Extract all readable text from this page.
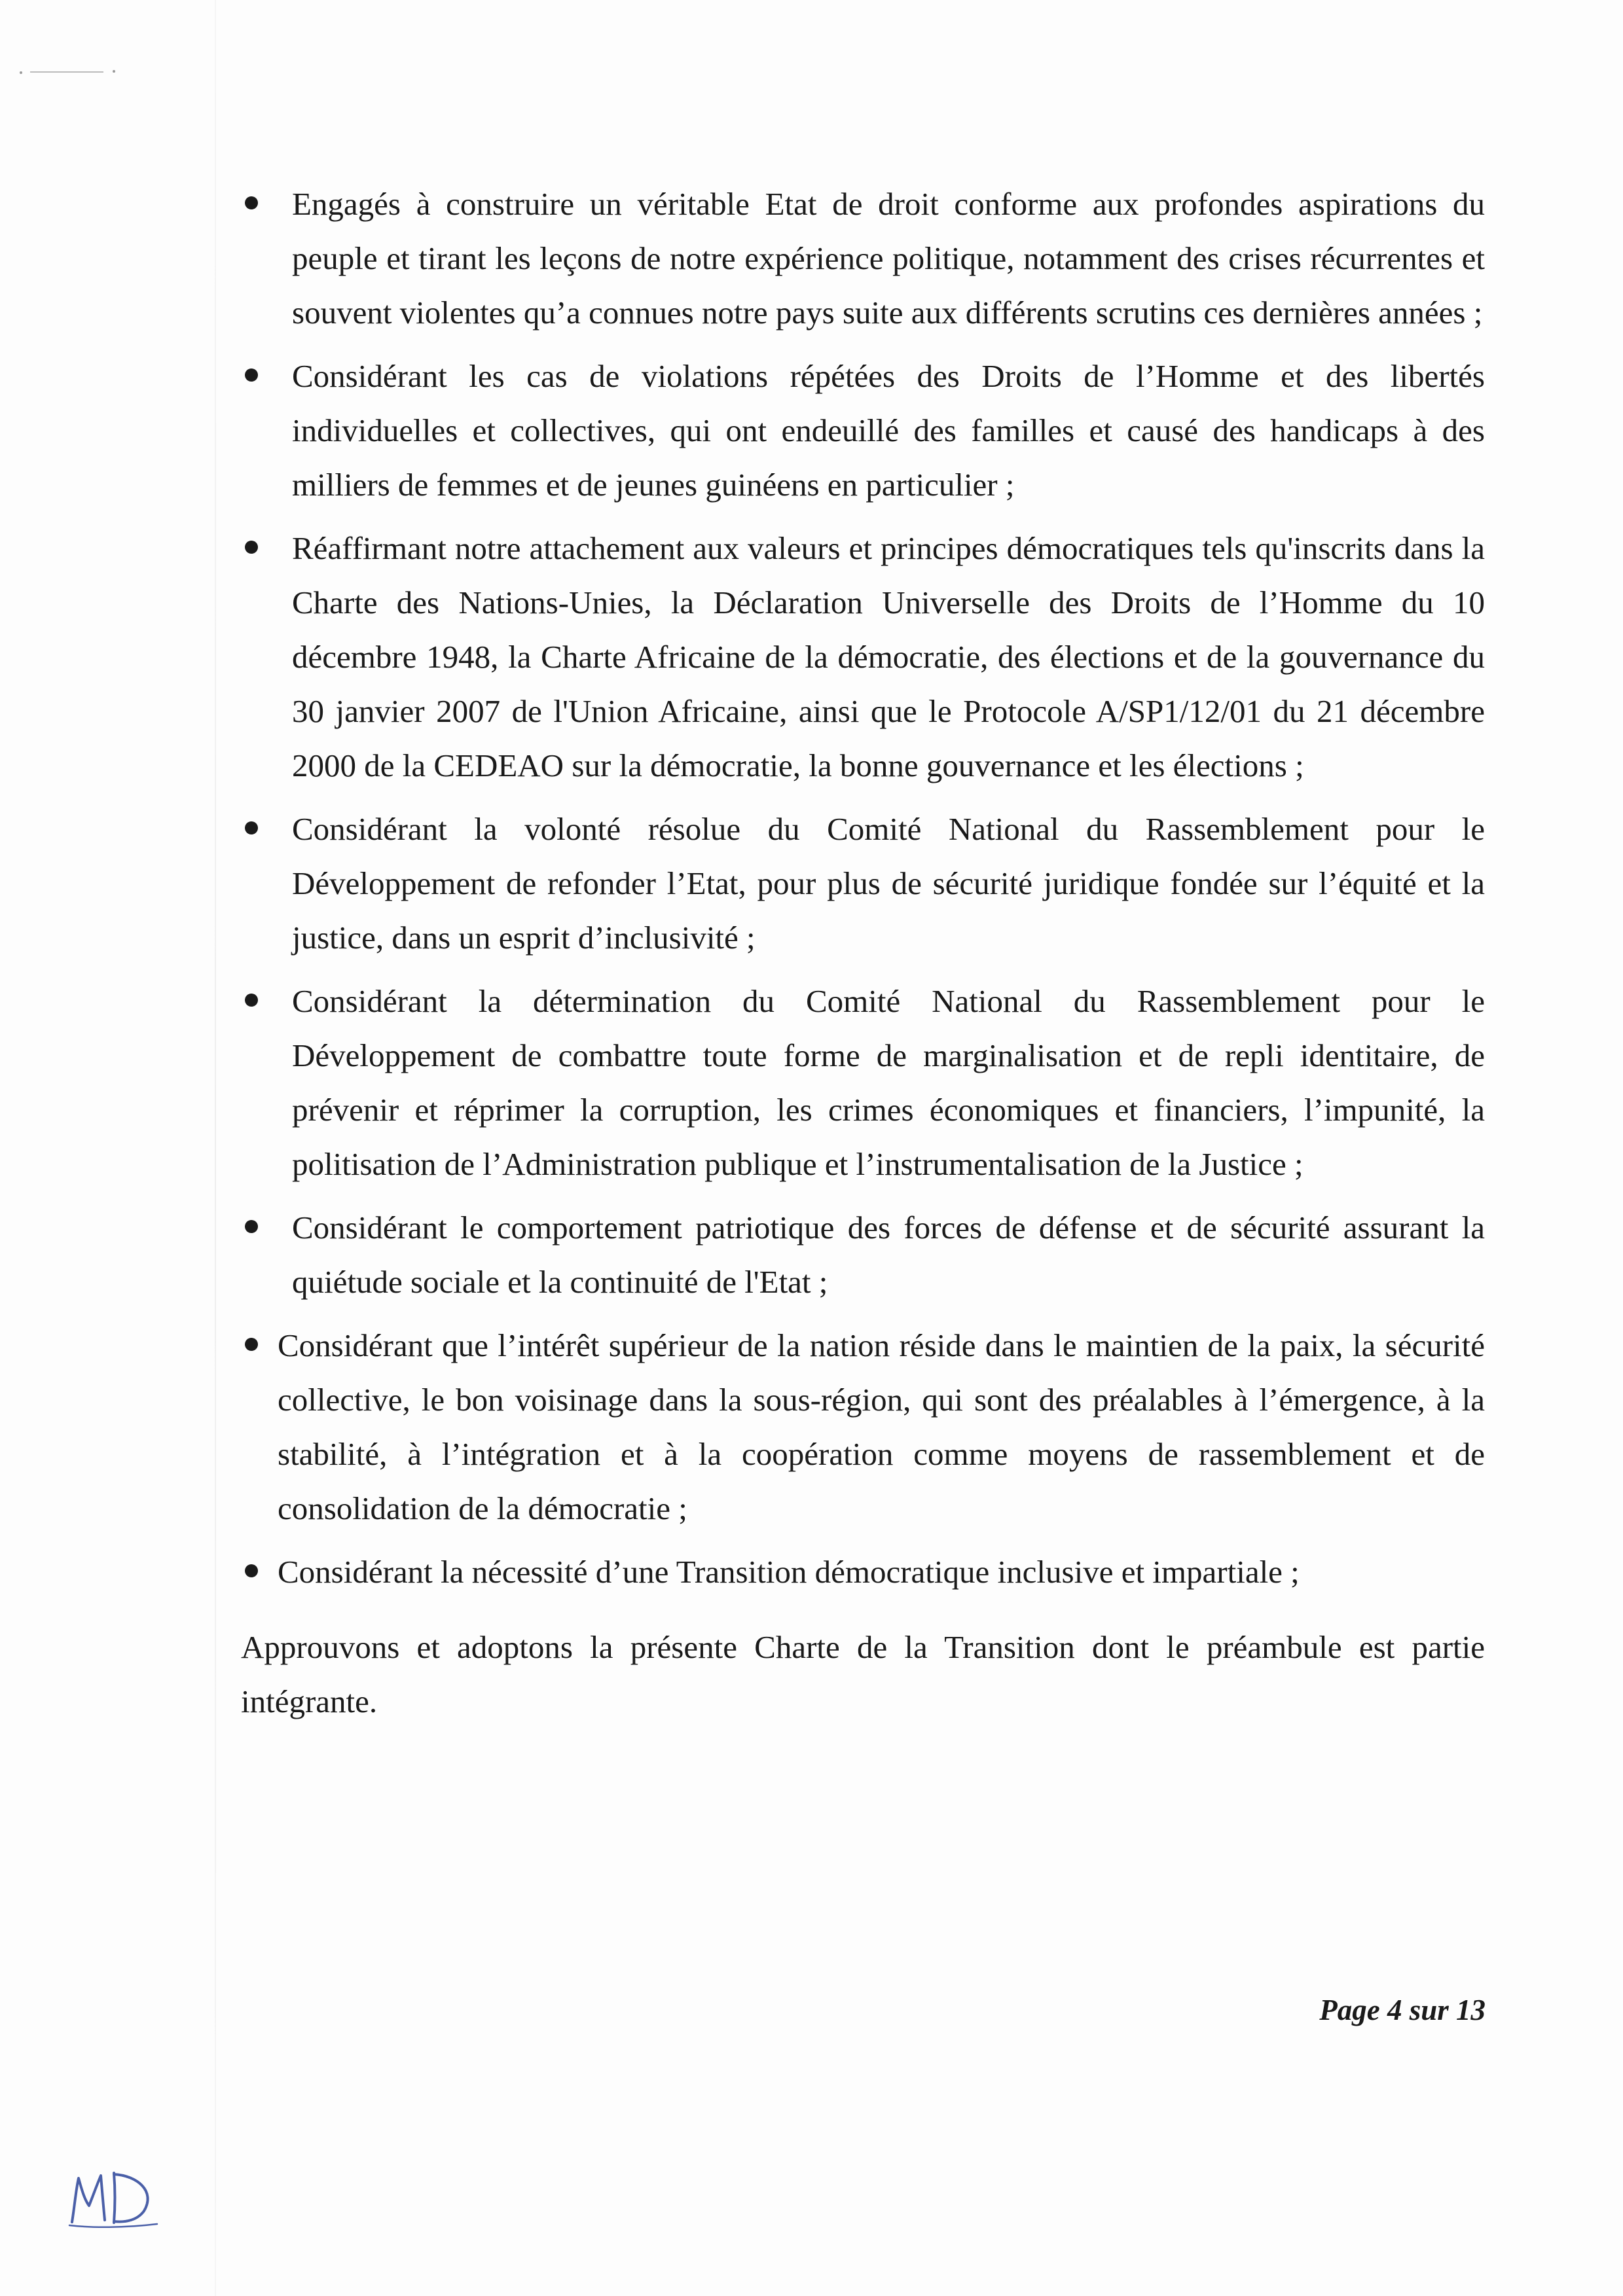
Engagés à construire un véritable Etat de droit conforme aux profondes aspirations du peuple et tirant les leçons de notre expérience politique, notamment des crises récurrentes et souvent violentes qu’a connues notre pays suite aux différents scrutins ces dernières années ;
Considérant les cas de violations répétées des Droits de l’Homme et des libertés individuelles et collectives, qui ont endeuillé des familles et causé des handicaps à des milliers de femmes et de jeunes guinéens en particulier ;
Réaffirmant notre attachement aux valeurs et principes démocratiques tels qu'inscrits dans la Charte des Nations-Unies, la Déclaration Universelle des Droits de l’Homme du 10 décembre 1948, la Charte Africaine de la démocratie, des élections et de la gouvernance du 30 janvier 2007 de l'Union Africaine, ainsi que le Protocole A/SP1/12/01 du 21 décembre 2000 de la CEDEAO sur la démocratie, la bonne gouvernance et les élections ;
Considérant la volonté résolue du Comité National du Rassemblement pour le Développement de refonder l’Etat, pour plus de sécurité juridique fondée sur l’équité et la justice, dans un esprit d’inclusivité ;
Considérant la détermination du Comité National du Rassemblement pour le Développement de combattre toute forme de marginalisation et de repli identitaire, de prévenir et réprimer la corruption, les crimes économiques et financiers, l’impunité, la politisation de l’Administration publique et l’instrumentalisation de la Justice ;
Considérant le comportement patriotique des forces de défense et de sécurité assurant la quiétude sociale et la continuité de l'Etat ;
Considérant que l’intérêt supérieur de la nation réside dans le maintien de la paix, la sécurité collective, le bon voisinage dans la sous-région, qui sont des préalables à l’émergence, à la stabilité, à l’intégration et à la coopération comme moyens de rassemblement et de consolidation de la démocratie ;
Considérant la nécessité d’une Transition démocratique inclusive et impartiale ;

Approuvons et adoptons la présente Charte de la Transition dont le préambule est partie intégrante.

Page 4 sur 13
